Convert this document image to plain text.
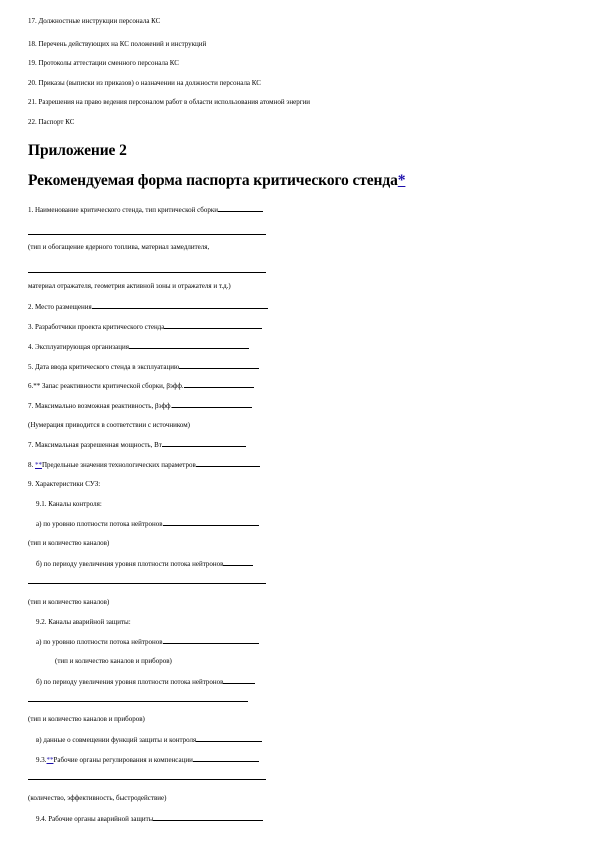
17. Должностные инструкции персонала КС
18. Перечень действующих на КС положений и инструкций
19. Протоколы аттестации сменного персонала КС
20. Приказы (выписки из приказов) о назначении на должности персонала КС
21. Разрешения на право ведения персоналом работ в области использования атомной энергии
22. Паспорт КС
Приложение 2
Рекомендуемая форма паспорта критического стенда*
1. Наименование критического стенда, тип критической сборки
(тип и обогащение ядерного топлива, материал замедлителя,
материал отражателя, геометрия активной зоны и отражателя и т.д.)
2. Место размещения
3. Разработчики проекта критического стенда
4. Эксплуатирующая организация
5. Дата ввода критического стенда в эксплуатацию
6.** Запас реактивности критической сборки, βэфф.
7. Максимально возможная реактивность, βэфф.
(Нумерация приводится в соответствии с источником)
7. Максимальная разрешенная мощность, Вт
8. **Предельные значения технологических параметров
9. Характеристики СУЗ:
9.1. Каналы контроля:
а) по уровню плотности потока нейтронов
(тип и количество каналов)
б) по периоду увеличения уровня плотности потока нейтронов
(тип и количество каналов)
9.2. Каналы аварийной защиты:
а) по уровню плотности потока нейтронов
(тип и количество каналов и приборов)
б) по периоду увеличения уровня плотности потока нейтронов
(тип и количество каналов и приборов)
в) данные о совмещении функций защиты и контроля
9.3.**Рабочие органы регулирования и компенсации
(количество, эффективность, быстродействие)
9.4. Рабочие органы аварийной защиты
